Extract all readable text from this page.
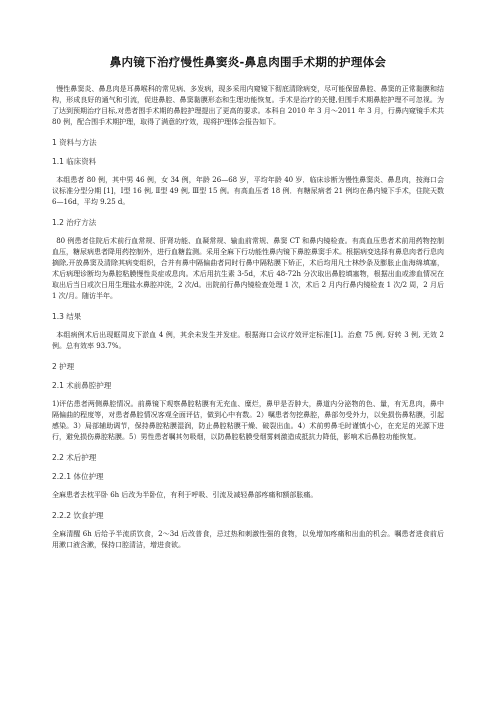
鼻内镜下治疗慢性鼻窦炎-鼻息肉围手术期的护理体会

慢性鼻窦炎、鼻息肉是耳鼻喉科的常见病、多发病，现多采用内窥镜下彻底清除病变，尽可能保留鼻腔、鼻窦的正常黏膜和结构，形成良好的通气和引流，促进鼻腔、鼻窦黏膜形态和生理功能恢复。手术是治疗的关键,但围手术期鼻腔护理不可忽视。为了达到预期治疗目标,对患者围手术期的鼻腔护理提出了更高的要求。本科自 2010 年 3 月～2011 年 3 月，行鼻内窥镜手术共 80 例，配合围手术期护理，取得了满意的疗效，现将护理体会报告如下。

1 资料与方法
1.1 临床资料

本组患者 80 例，其中男 46 例，女 34 例，年龄 26—68 岁，平均年龄 40 岁．临床诊断为慢性鼻窦炎、鼻息肉，按海口会议标准分型分期 [1]，Ⅰ型 16 例, Ⅱ型 49 例, Ⅲ型 15 例。有高血压者 18 例．有糖尿病者 21 例均在鼻内镜下手术，住院天数 6—16d，平均 9.25 d。

1.2 治疗方法

80 例患者住院后术前行血常规、肝肾功能、血凝常规、输血前常规、鼻窦 CT 和鼻内镜检查。有高血压患者术前用药物控制血压，糖尿病患者降用药控制外，进行血糖监测。采用全麻下行功能性鼻内镜下鼻腔鼻窦手术。根据病变选择有鼻息肉者行息肉摘除,开放鼻窦及清除其病变组织，合并有鼻中隔偏曲者同时行鼻中隔粘膜下矫正，术后均用凡士林纱条及膨胀止血海绵填塞，术后病理诊断均为鼻腔粘膜慢性炎症或息肉。术后用抗生素 3-5d，术后 48-72h 分次取出鼻腔填塞物，根据出血或渗血情况在取出后当日或次日用生理盐水鼻腔冲洗，2 次/d。出院前行鼻内镜检查处理 1 次，术后 2 月内行鼻内镜检查 1 次/2 周，2 月后 1 次/月。随访半年。

1.3 结果

本组病例术后出现眶周皮下淤血 4 例，其余未发生并发症。根据海口会议疗效评定标准[1]。治愈 75 例, 好转 3 例, 无效 2 例。总有效率 93.7%。

2 护理
2.1 术前鼻腔护理

1)评估患者两侧鼻腔情况。前鼻镜下观察鼻腔粘膜有无充血、糜烂，鼻甲是否肿大，鼻道内分泌物的色、量，有无息肉，鼻中隔偏曲的程度等，对患者鼻腔情况客观全面评估，做到心中有数。2）嘱患者勿挖鼻腔，鼻部勿受外力，以免损伤鼻粘膜，引起感染。3）局部辅助调节，保持鼻腔粘膜湿润，防止鼻腔粘膜干燥、破裂出血。4）术前剪鼻毛时谨慎小心，在充足的光源下进行，避免损伤鼻腔粘膜。5）男性患者嘱其勿吸烟，以防鼻腔粘膜受烟雾刺激造成抵抗力降低，影响术后鼻腔功能恢复。

2.2 术后护理
2.2.1 体位护理

全麻患者去枕平卧 6h 后改为半卧位，有利于呼吸、引流及减轻鼻部疼痛和额部胀痛。

2.2.2 饮食护理

全麻清醒 6h 后给予半流质饮食，2～3d 后改普食，忌过热和刺激性强的食物，以免增加疼痛和出血的机会。嘱患者进食前后用漱口液含漱，保持口腔清洁，增进食欲。
